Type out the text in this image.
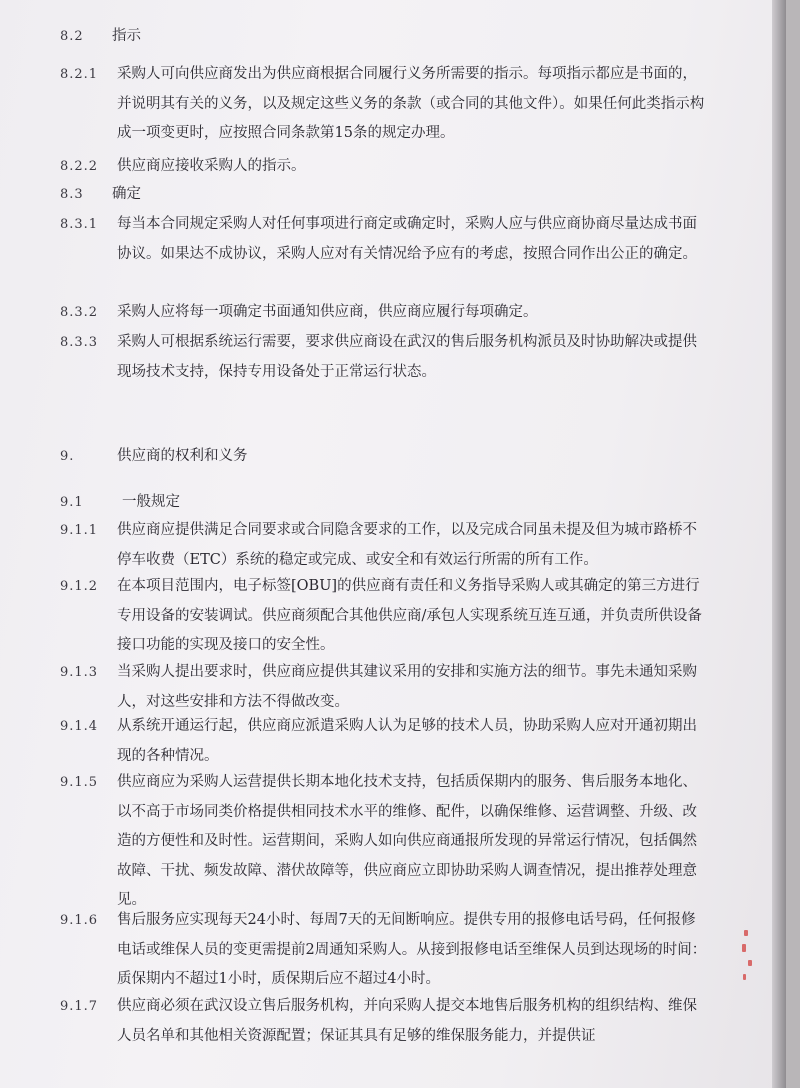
8.2	指示
8.2.1	采购人可向供应商发出为供应商根据合同履行义务所需要的指示。每项指示都应是书面的，并说明其有关的义务，以及规定这些义务的条款（或合同的其他文件）。如果任何此类指示构成一项变更时，应按照合同条款第15条的规定办理。
8.2.2	供应商应接收采购人的指示。
8.3	确定
8.3.1	每当本合同规定采购人对任何事项进行商定或确定时，采购人应与供应商协商尽量达成书面协议。如果达不成协议，采购人应对有关情况给予应有的考虑，按照合同作出公正的确定。
8.3.2	采购人应将每一项确定书面通知供应商，供应商应履行每项确定。
8.3.3	采购人可根据系统运行需要，要求供应商设在武汉的售后服务机构派员及时协助解决或提供现场技术支持，保持专用设备处于正常运行状态。
9.	供应商的权利和义务
9.1	一般规定
9.1.1	供应商应提供满足合同要求或合同隐含要求的工作，以及完成合同虽未提及但为城市路桥不停车收费（ETC）系统的稳定或完成、或安全和有效运行所需的所有工作。
9.1.2	在本项目范围内，电子标签[OBU]的供应商有责任和义务指导采购人或其确定的第三方进行专用设备的安装调试。供应商须配合其他供应商/承包人实现系统互连互通，并负责所供设备接口功能的实现及接口的安全性。
9.1.3	当采购人提出要求时，供应商应提供其建议采用的安排和实施方法的细节。事先未通知采购人，对这些安排和方法不得做改变。
9.1.4	从系统开通运行起，供应商应派遣采购人认为足够的技术人员，协助采购人应对开通初期出现的各种情况。
9.1.5	供应商应为采购人运营提供长期本地化技术支持，包括质保期内的服务、售后服务本地化、以不高于市场同类价格提供相同技术水平的维修、配件，以确保维修、运营调整、升级、改造的方便性和及时性。运营期间，采购人如向供应商通报所发现的异常运行情况，包括偶然故障、干扰、频发故障、潜伏故障等，供应商应立即协助采购人调查情况，提出推荐处理意见。
9.1.6	售后服务应实现每天24小时、每周7天的无间断响应。提供专用的报修电话号码，任何报修电话或维保人员的变更需提前2周通知采购人。从接到报修电话至维保人员到达现场的时间：质保期内不超过1小时，质保期后应不超过4小时。
9.1.7	供应商必须在武汉设立售后服务机构，并向采购人提交本地售后服务机构的组织结构、维保人员名单和其他相关资源配置；保证其具有足够的维保服务能力，并提供证
